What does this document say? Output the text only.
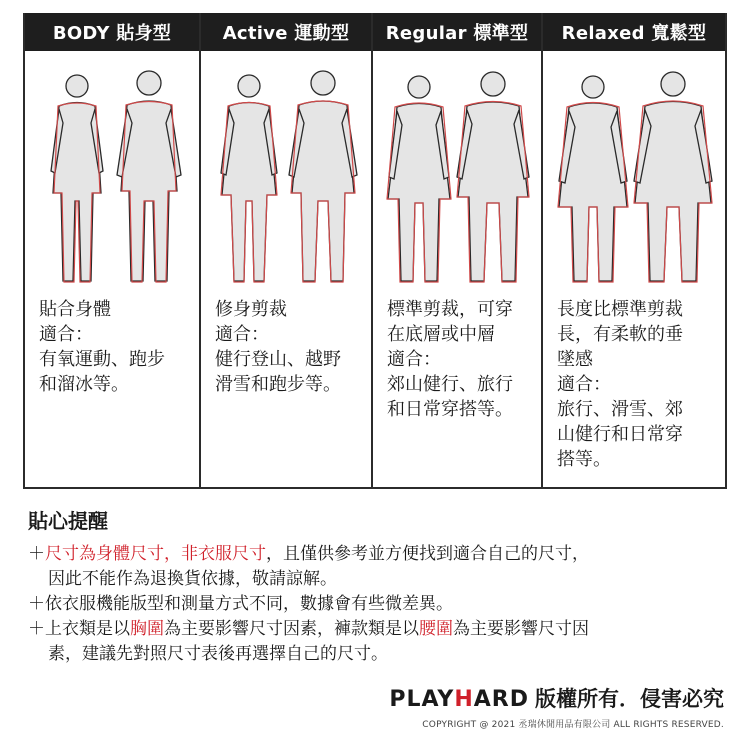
BODY 貼身型
貼合身體
適合：
有氧運動、跑步
和溜冰等。
Active 運動型
修身剪裁
適合：
健行登山、越野
滑雪和跑步等。
Regular 標準型
標準剪裁，可穿
在底層或中層
適合：
郊山健行、旅行
和日常穿搭等。
Relaxed 寬鬆型
長度比標準剪裁
長，有柔軟的垂
墜感
適合：
旅行、滑雪、郊
山健行和日常穿
搭等。
貼心提醒
＋尺寸為身體尺寸，非衣服尺寸，且僅供參考並方便找到適合自己的尺寸，
因此不能作為退換貨依據，敬請諒解。
＋依衣服機能版型和測量方式不同，數據會有些微差異。
＋上衣類是以胸圍為主要影響尺寸因素，褲款類是以腰圍為主要影響尺寸因
素，建議先對照尺寸表後再選擇自己的尺寸。
PLAYHARD 版權所有．侵害必究
COPYRIGHT @ 2021 丞瑞休閒用品有限公司 ALL RIGHTS RESERVED.
